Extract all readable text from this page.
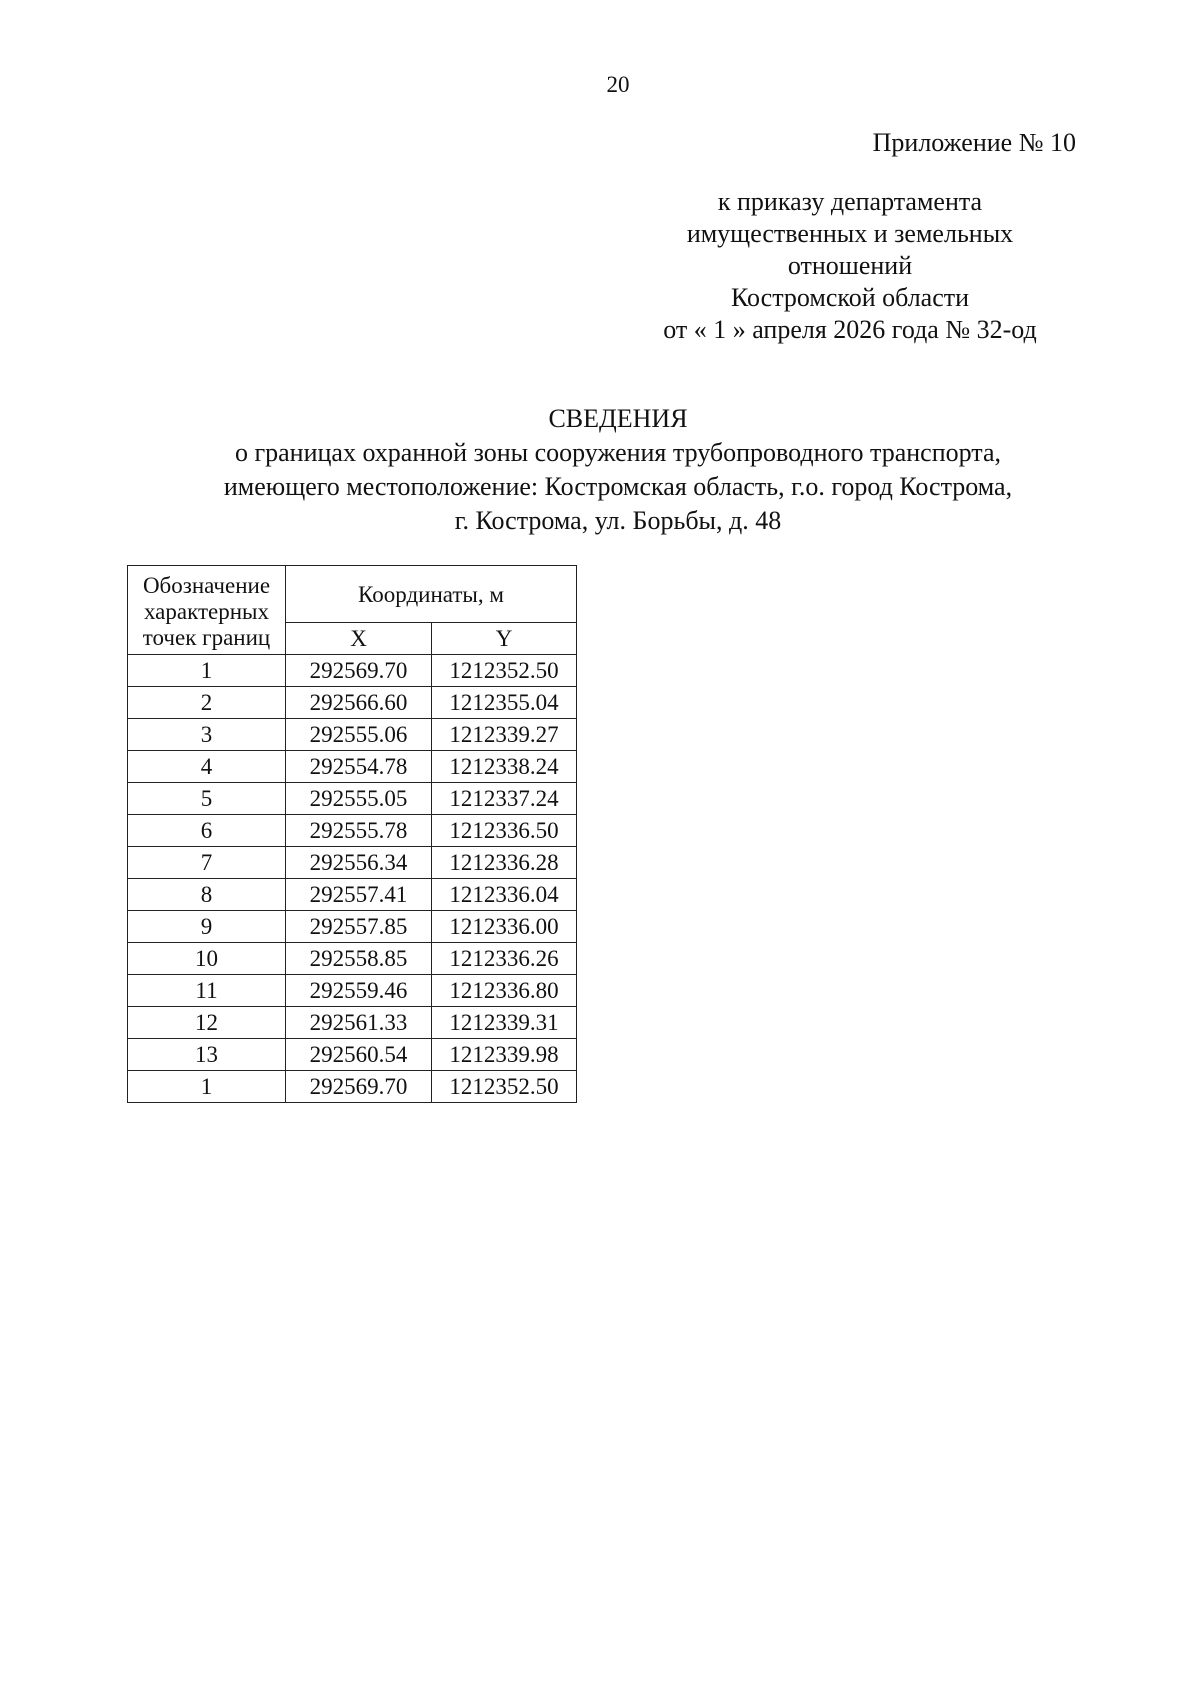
20
Приложение № 10
к приказу департамента
имущественных и земельных
отношений
Костромской области
от « 1 » апреля 2026 года № 32-од
СВЕДЕНИЯ
о границах охранной зоны сооружения трубопроводного транспорта,
имеющего местоположение: Костромская область, г.о. город Кострома,
г. Кострома, ул. Борьбы, д. 48
Обозначение
характерных
точек границ	Координаты, м	
	X	Y
1	292569.70	1212352.50
2	292566.60	1212355.04
3	292555.06	1212339.27
4	292554.78	1212338.24
5	292555.05	1212337.24
6	292555.78	1212336.50
7	292556.34	1212336.28
8	292557.41	1212336.04
9	292557.85	1212336.00
10	292558.85	1212336.26
11	292559.46	1212336.80
12	292561.33	1212339.31
13	292560.54	1212339.98
1	292569.70	1212352.50
